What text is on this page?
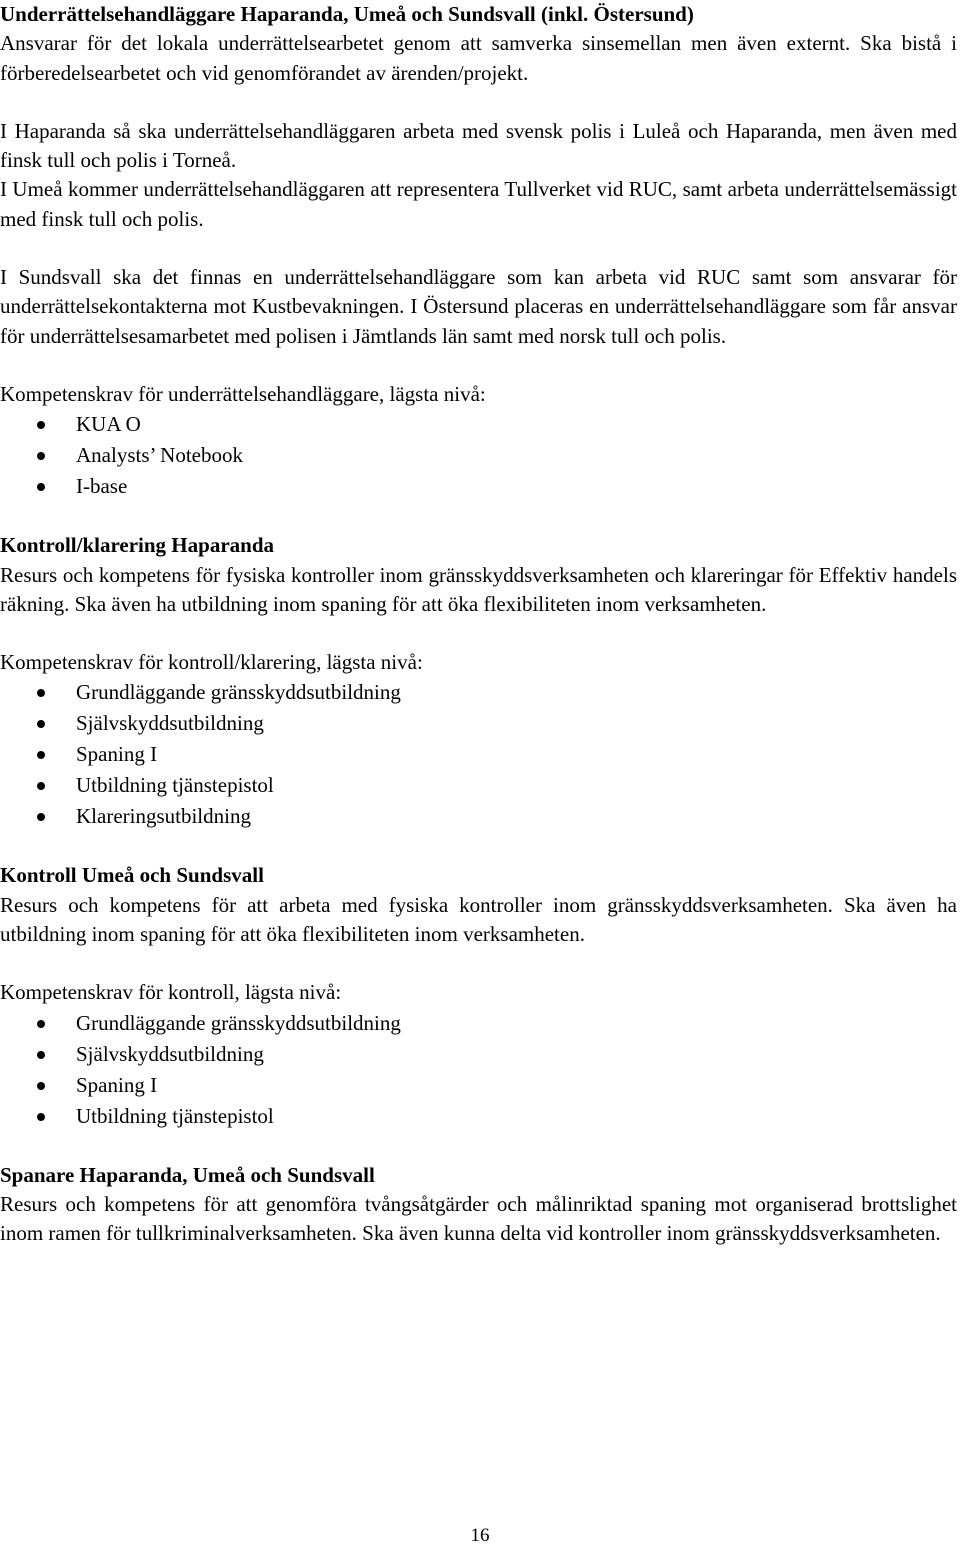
Underrättelsehandläggare Haparanda, Umeå och Sundsvall (inkl. Östersund)

Ansvarar för det lokala underrättelsearbetet genom att samverka sinsemellan men även externt. Ska bistå i förberedelsearbetet och vid genomförandet av ärenden/projekt.

I Haparanda så ska underrättelsehandläggaren arbeta med svensk polis i Luleå och Haparanda, men även med finsk tull och polis i Torneå.

I Umeå kommer underrättelsehandläggaren att representera Tullverket vid RUC, samt arbeta underrättelsemässigt med finsk tull och polis.

I Sundsvall ska det finnas en underrättelsehandläggare som kan arbeta vid RUC samt som ansvarar för underrättelsekontakterna mot Kustbevakningen. I Östersund placeras en underrättelsehandläggare som får ansvar för underrättelsesamarbetet med polisen i Jämtlands län samt med norsk tull och polis.

Kompetenskrav för underrättelsehandläggare, lägsta nivå:

KUA O
Analysts’ Notebook
I-base

Kontroll/klarering Haparanda

Resurs och kompetens för fysiska kontroller inom gränsskyddsverksamheten och klareringar för Effektiv handels räkning. Ska även ha utbildning inom spaning för att öka flexibiliteten inom verksamheten.

Kompetenskrav för kontroll/klarering, lägsta nivå:

Grundläggande gränsskyddsutbildning
Självskyddsutbildning
Spaning I
Utbildning tjänstepistol
Klareringsutbildning

Kontroll Umeå och Sundsvall

Resurs och kompetens för att arbeta med fysiska kontroller inom gränsskyddsverksamheten. Ska även ha utbildning inom spaning för att öka flexibiliteten inom verksamheten.

Kompetenskrav för kontroll, lägsta nivå:

Grundläggande gränsskyddsutbildning
Självskyddsutbildning
Spaning I
Utbildning tjänstepistol

Spanare Haparanda, Umeå och Sundsvall

Resurs och kompetens för att genomföra tvångsåtgärder och målinriktad spaning mot organiserad brottslighet inom ramen för tullkriminalverksamheten. Ska även kunna delta vid kontroller inom gränsskyddsverksamheten.

16
